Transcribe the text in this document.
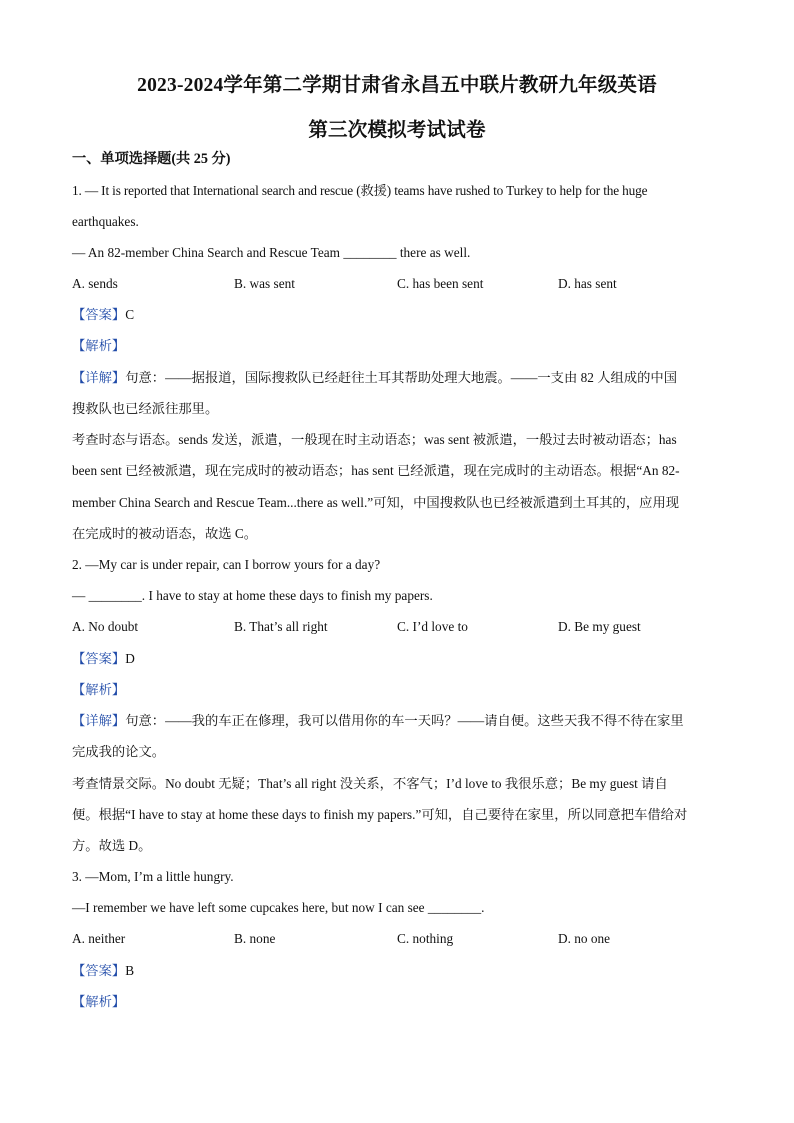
2023-2024学年第二学期甘肃省永昌五中联片教研九年级英语
第三次模拟考试试卷
一、单项选择题(共 25 分)
1. — It is reported that International search and rescue (救援) teams have rushed to Turkey to help for the huge
earthquakes.
— An 82-member China Search and Rescue Team ________ there as well.
A. sends	B. was sent	C. has been sent	D. has sent
【答案】C
【解析】
【详解】句意：——据报道，国际搜救队已经赶往土耳其帮助处理大地震。——一支由 82 人组成的中国
搜救队也已经派往那里。
考查时态与语态。sends 发送，派遣，一般现在时主动语态；was sent 被派遣，一般过去时被动语态；has
been sent 已经被派遣，现在完成时的被动语态；has sent 已经派遣，现在完成时的主动语态。根据“An 82-
member China Search and Rescue Team...there as well.”可知，中国搜救队也已经被派遣到土耳其的，应用现
在完成时的被动语态，故选 C。
2. —My car is under repair, can I borrow yours for a day?
— ________. I have to stay at home these days to finish my papers.
A. No doubt	B. That’s all right	C. I’d love to	D. Be my guest
【答案】D
【解析】
【详解】句意：——我的车正在修理，我可以借用你的车一天吗？——请自便。这些天我不得不待在家里
完成我的论文。
考查情景交际。No doubt 无疑；That’s all right 没关系，不客气；I’d love to 我很乐意；Be my guest 请自
便。根据“I have to stay at home these days to finish my papers.”可知，自己要待在家里，所以同意把车借给对
方。故选 D。
3. —Mom, I’m a little hungry.
—I remember we have left some cupcakes here, but now I can see ________.
A. neither	B. none	C. nothing	D. no one
【答案】B
【解析】
